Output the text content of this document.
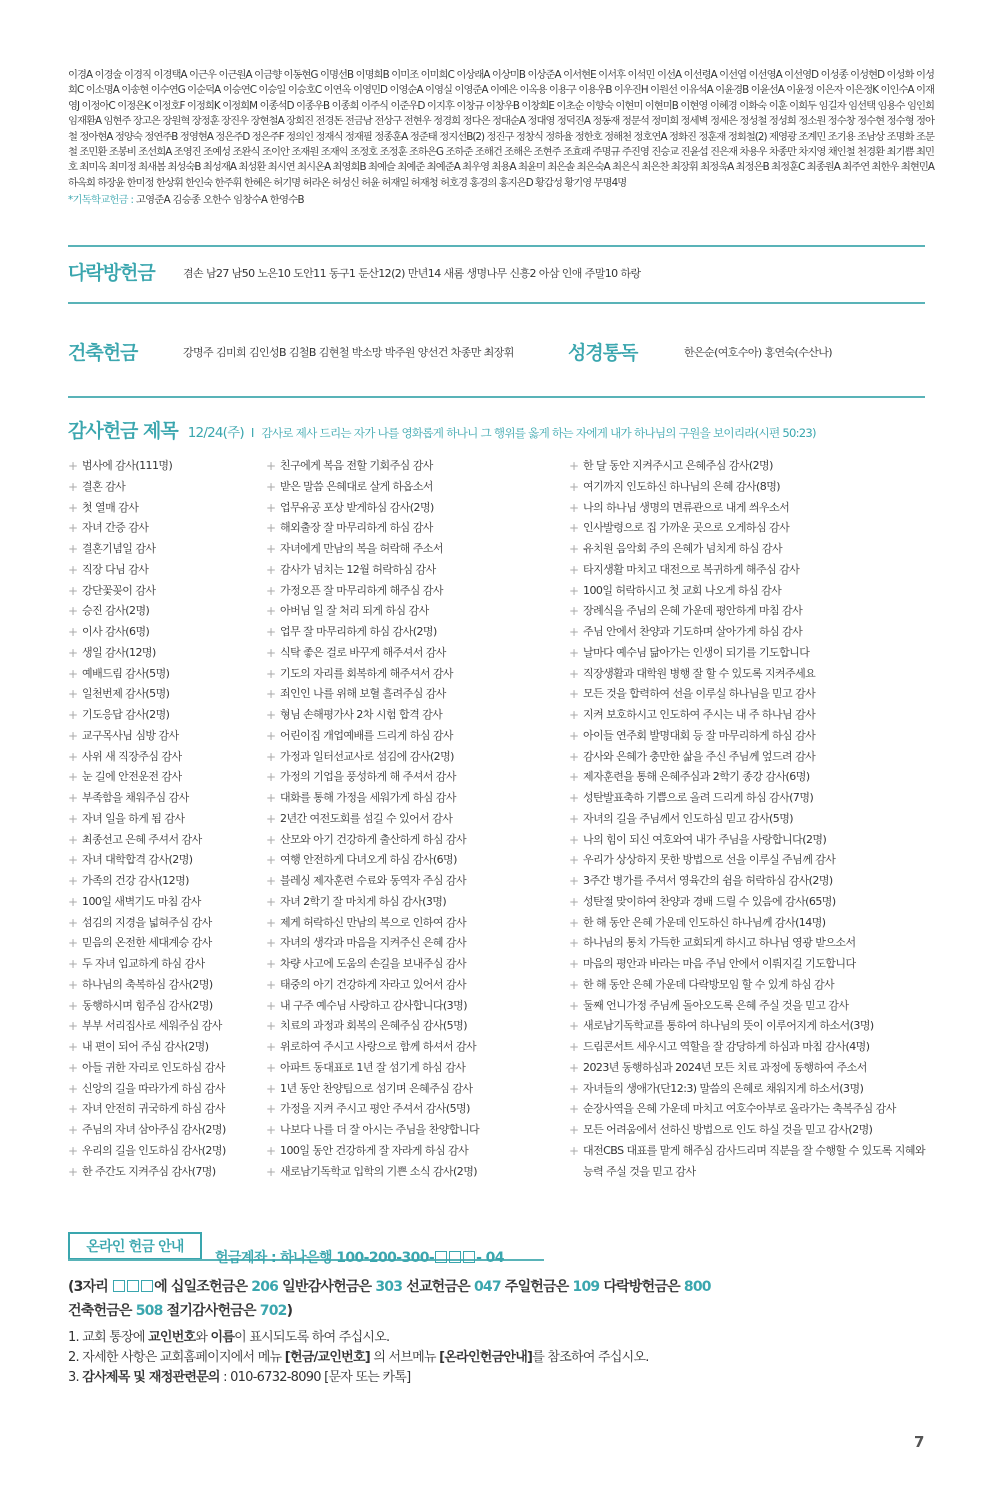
이경A 이경술 이경직 이경택A 이근우 이근원A 이금향 이동현G 이명선B 이명희B 이미조 이미희C 이상래A 이상미B 이상준A 이서현E 이서후 이석민 이선A 이선령A 이선엽 이선영A 이선영D 이성종 이성현D 이성화 이성희C 이소명A 이송현 이수연G 이순덕A 이승연C 이승일 이승호C 이연옥 이영민D 이영순A 이영실 이영준A 이예은 이옥용 이용구 이용우B 이우진H 이원선 이유석A 이윤경B 이윤선A 이윤정 이은자 이은정K 이인수A 이재영J 이정아C 이정은K 이정호F 이정희K 이정희M 이종석D 이종우B 이종희 이주식 이준우D 이지후 이창규 이창우B 이창희E 이초순 이향숙 이현미 이현미B 이현영 이혜경 이화숙 이훈 이희두 임길자 임선택 임용수 임인희 임재환A 임현주 장고은 장원혁 장정훈 장진우 장현철A 장희진 전경돈 전금남 전상구 전현우 정경희 정다은 정대순A 정대영 정덕진A 정동재 정문석 정미희 정세벽 정세은 정성철 정성희 정소원 정수창 정수현 정수형 정아철 정아현A 정양숙 정연주B 정영현A 정은주D 정은주F 정의인 정재식 정재필 정종훈A 정준태 정지선B(2) 정진구 정창식 정하율 정한호 정해천 정호연A 정화진 정훈재 정회철(2) 제영광 조계민 조기용 조남상 조명화 조문철 조민환 조봉비 조선희A 조영진 조예성 조완식 조이안 조재원 조재익 조정호 조정훈 조하은G 조하준 조해건 조해은 조현주 조효래 주명규 주진영 진승교 진윤섭 진은재 차용우 차종만 차지영 채인철 천경환 최기쁨 최민호 최미옥 최미정 최새봄 최성숙B 최성재A 최성환 최시연 최시온A 최영희B 최예슬 최예준 최예준A 최우영 최용A 최윤미 최은솔 최은숙A 최은식 최은찬 최장휘 최정욱A 최정은B 최정훈C 최종원A 최주연 최한우 최현민A 하옥희 하장윤 한미정 한상휘 한인숙 한주휘 한혜은 허기명 허라온 허성신 허윤 허재일 허재청 허호경 홍경의 홍지은D 황갑성 황기영 무명4명
*기독학교헌금 : 고영준A 김승종 오한수 임창수A 한영수B
다락방헌금	겸손 남27 남50 노은10 도안11 동구1 둔산12(2) 만년14 새롬 생명나무 신흥2 아삼 인애 주말10 하랑
건축헌금	강명주 김미희 김인성B 김철B 김현철 박소망 박주원 양선건 차종만 최장휘	성경통독	한은순(여호수아) 홍연숙(수산나)
감사헌금 제목 12/24(주) I 감사로 제사 드리는 자가 나를 영화롭게 하나니 그 행위를 옳게 하는 자에게 내가 하나님의 구원을 보이리라(시편 50:23)
+ 범사에 감사(111명)
+ 결혼 감사
+ 첫 열매 감사
+ 자녀 간증 감사
+ 결혼기념일 감사
+ 직장 다님 감사
+ 강단꽃꽂이 감사
+ 승진 감사(2명)
+ 이사 감사(6명)
+ 생일 감사(12명)
+ 예배드림 감사(5명)
+ 일천번제 감사(5명)
+ 기도응답 감사(2명)
+ 교구목사님 심방 감사
+ 사위 새 직장주심 감사
+ 눈 길에 안전운전 감사
+ 부족함을 채워주심 감사
+ 자녀 일을 하게 됨 감사
+ 최종선고 은혜 주셔서 감사
+ 자녀 대학합격 감사(2명)
+ 가족의 건강 감사(12명)
+ 100일 새벽기도 마침 감사
+ 섬김의 지경을 넓혀주심 감사
+ 믿음의 온전한 세대계승 감사
+ 두 자녀 입교하게 하심 감사
+ 하나님의 축복하심 감사(2명)
+ 동행하시며 힘주심 감사(2명)
+ 부부 서리집사로 세워주심 감사
+ 내 편이 되어 주심 감사(2명)
+ 아들 귀한 자리로 인도하심 감사
+ 신앙의 길을 따라가게 하심 감사
+ 자녀 안전히 귀국하게 하심 감사
+ 주님의 자녀 삼아주심 감사(2명)
+ 우리의 길을 인도하심 감사(2명)
+ 한 주간도 지켜주심 감사(7명)
+ 친구에게 복음 전할 기회주심 감사
+ 받은 말씀 은혜대로 살게 하옵소서
+ 업무유공 포상 받게하심 감사(2명)
+ 해외출장 잘 마무리하게 하심 감사
+ 자녀에게 만남의 복을 허락해 주소서
+ 감사가 넘치는 12월 허락하심 감사
+ 가정오픈 잘 마무리하게 해주심 감사
+ 아버님 일 잘 처리 되게 하심 감사
+ 업무 잘 마무리하게 하심 감사(2명)
+ 식탁 좋은 걸로 바꾸게 해주셔서 감사
+ 기도의 자리를 회복하게 해주셔서 감사
+ 죄인인 나를 위해 보혈 흘려주심 감사
+ 형님 손해평가사 2차 시험 합격 감사
+ 어린이집 개업예배를 드리게 하심 감사
+ 가정과 일터선교사로 섬김에 감사(2명)
+ 가정의 기업을 풍성하게 해 주셔서 감사
+ 대화를 통해 가정을 세워가게 하심 감사
+ 2년간 여전도회를 섬길 수 있어서 감사
+ 산모와 아기 건강하게 출산하게 하심 감사
+ 여행 안전하게 다녀오게 하심 감사(6명)
+ 블레싱 제자훈련 수료와 동역자 주심 감사
+ 자녀 2학기 잘 마치게 하심 감사(3명)
+ 제게 허락하신 만남의 복으로 인하여 감사
+ 자녀의 생각과 마음을 지켜주신 은혜 감사
+ 차량 사고에 도움의 손길을 보내주심 감사
+ 태중의 아기 건강하게 자라고 있어서 감사
+ 내 구주 예수님 사랑하고 감사합니다(3명)
+ 치료의 과정과 회복의 은혜주심 감사(5명)
+ 위로하여 주시고 사랑으로 함께 하셔서 감사
+ 아파트 동대표로 1년 잘 섬기게 하심 감사
+ 1년 동안 찬양팀으로 섬기며 은혜주심 감사
+ 가정을 지켜 주시고 평안 주셔서 감사(5명)
+ 나보다 나를 더 잘 아시는 주님을 찬양합니다
+ 100일 동안 건강하게 잘 자라게 하심 감사
+ 새로남기독학교 입학의 기쁜 소식 감사(2명)
+ 한 달 동안 지켜주시고 은혜주심 감사(2명)
+ 여기까지 인도하신 하나님의 은혜 감사(8명)
+ 나의 하나님 생명의 면류관으로 내게 씌우소서
+ 인사발령으로 집 가까운 곳으로 오게하심 감사
+ 유치원 음악회 주의 은혜가 넘치게 하심 감사
+ 타지생활 마치고 대전으로 복귀하게 해주심 감사
+ 100일 허락하시고 첫 교회 나오게 하심 감사
+ 장례식을 주님의 은혜 가운데 평안하게 마침 감사
+ 주님 안에서 찬양과 기도하며 살아가게 하심 감사
+ 날마다 예수님 닮아가는 인생이 되기를 기도합니다
+ 직장생활과 대학원 병행 잘 할 수 있도록 지켜주세요
+ 모든 것을 합력하여 선을 이루실 하나님을 믿고 감사
+ 지켜 보호하시고 인도하여 주시는 내 주 하나님 감사
+ 아이들 연주회 발명대회 등 잘 마무리하게 하심 감사
+ 감사와 은혜가 충만한 삶을 주신 주님께 엎드려 감사
+ 제자훈련을 통해 은혜주심과 2학기 종강 감사(6명)
+ 성탄발표축하 기쁨으로 올려 드리게 하심 감사(7명)
+ 자녀의 길을 주님께서 인도하심 믿고 감사(5명)
+ 나의 힘이 되신 여호와여 내가 주님을 사랑합니다(2명)
+ 우리가 상상하지 못한 방법으로 선을 이루실 주님께 감사
+ 3주간 병가를 주셔서 영육간의 쉼을 허락하심 감사(2명)
+ 성탄절 맞이하여 찬양과 경배 드릴 수 있음에 감사(65명)
+ 한 해 동안 은혜 가운데 인도하신 하나님께 감사(14명)
+ 하나님의 통치 가득한 교회되게 하시고 하나님 영광 받으소서
+ 마음의 평안과 바라는 마음 주님 안에서 이뤄지길 기도합니다
+ 한 해 동안 은혜 가운데 다락방모임 할 수 있게 하심 감사
+ 둘째 언니가정 주님께 돌아오도록 은혜 주실 것을 믿고 감사
+ 새로남기독학교를 통하여 하나님의 뜻이 이루어지게 하소서(3명)
+ 드림콘서트 세우시고 역할을 잘 감당하게 하심과 마침 감사(4명)
+ 2023년 동행하심과 2024년 모든 치료 과정에 동행하여 주소서
+ 자녀들의 생애가(단12:3) 말씀의 은혜로 채워지게 하소서(3명)
+ 순장사역을 은혜 가운데 마치고 여호수아부로 올라가는 축복주심 감사
+ 모든 어려움에서 선하신 방법으로 인도 하실 것을 믿고 감사(2명)
+ 대전CBS 대표를 맡게 해주심 감사드리며 직분을 잘 수행할 수 있도록 지혜와 능력 주실 것을 믿고 감사
온라인 헌금 안내
헌금계좌 : 하나은행 100-200-300-	- 04
(3자리	에 십일조헌금은 206 일반감사헌금은 303 선교헌금은 047 주일헌금은 109 다락방헌금은 800
건축헌금은 508 절기감사헌금은 702)
1. 교회 통장에 교인번호와 이름이 표시되도록 하여 주십시오.
2. 자세한 사항은 교회홈페이지에서 메뉴 [헌금/교인번호] 의 서브메뉴 [온라인헌금안내]를 참조하여 주십시오.
3. 감사제목 및 재정관련문의 : 010-6732-8090 [문자 또는 카톡]
7
